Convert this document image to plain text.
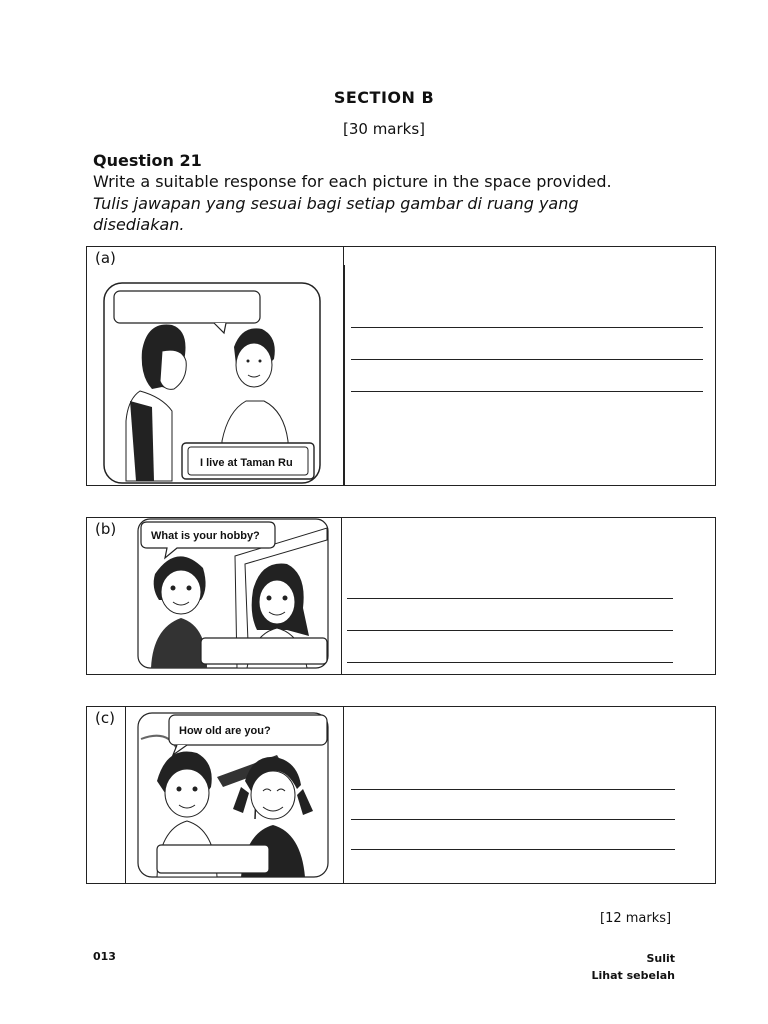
SECTION B
[30 marks]
Question 21
Write a suitable response for each picture in the space provided.
Tulis jawapan yang sesuai bagi setiap gambar di ruang yang disediakan.
(a)
I live at Taman Ru
(b)	What is your hobby?
(c)
How old are you?
[12 marks]
013	Sulit
Lihat sebelah
